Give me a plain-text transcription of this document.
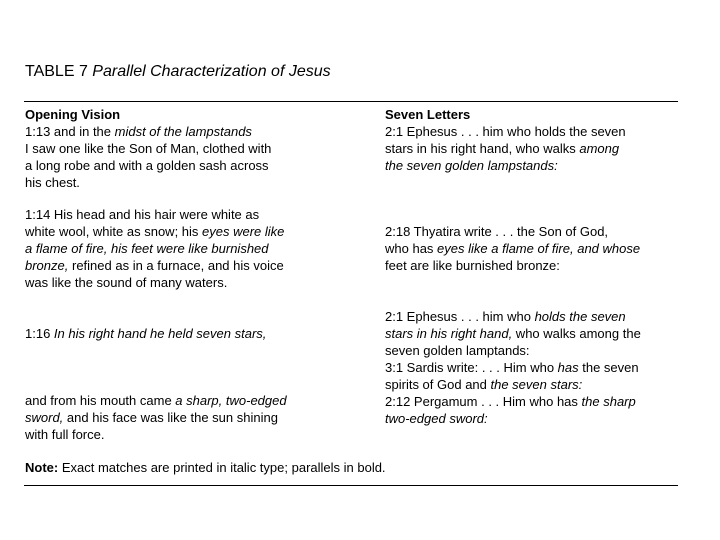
TABLE 7 Parallel Characterization of Jesus
Opening Vision
1:13 and in the midst of the lampstands
I saw one like the Son of Man, clothed with
a long robe and with a golden sash across
his chest.
1:14 His head and his hair were white as
white wool, white as snow; his eyes were like
a flame of fire, his feet were like burnished
bronze, refined as in a furnace, and his voice
was like the sound of many waters.
1:16 In his right hand he held seven stars,
and from his mouth came a sharp, two-edged
sword, and his face was like the sun shining
with full force.
Seven Letters
2:1 Ephesus . . . him who holds the seven
stars in his right hand, who walks among
the seven golden lampstands:
2:18 Thyatira write . . . the Son of God,
who has eyes like a flame of fire, and whose
feet are like burnished bronze:
2:1 Ephesus . . . him who holds the seven
stars in his right hand, who walks among the
seven golden lamptands:
3:1 Sardis write: . . . Him who has the seven
spirits of God and the seven stars:
2:12 Pergamum . . . Him who has the sharp
two-edged sword:
Note: Exact matches are printed in italic type; parallels in bold.
